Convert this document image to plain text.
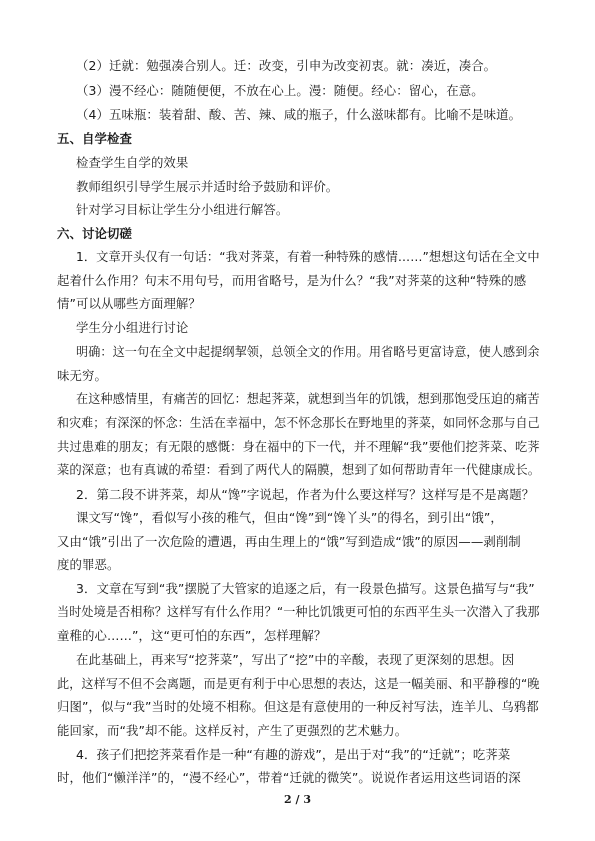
（2）迁就：勉强凑合别人。迁：改变，引申为改变初衷。就：凑近，凑合。
（3）漫不经心：随随便便，不放在心上。漫：随便。经心：留心，在意。
（4）五味瓶：装着甜、酸、苦、辣、咸的瓶子，什么滋味都有。比喻不是味道。
五、自学检查
检查学生自学的效果
教师组织引导学生展示并适时给予鼓励和评价。
针对学习目标让学生分小组进行解答。
六、讨论切磋
1．文章开头仅有一句话：“我对荠菜，有着一种特殊的感情……”想想这句话在全文中
起着什么作用？句末不用句号，而用省略号，是为什么？“我”对荠菜的这种“特殊的感
情”可以从哪些方面理解？
学生分小组进行讨论
明确：这一句在全文中起提纲挈领，总领全文的作用。用省略号更富诗意，使人感到余
味无穷。
在这种感情里，有痛苦的回忆：想起荠菜，就想到当年的饥饿，想到那饱受压迫的痛苦
和灾难；有深深的怀念：生活在幸福中，怎不怀念那长在野地里的荠菜，如同怀念那与自己
共过患难的朋友；有无限的感慨：身在福中的下一代，并不理解“我”要他们挖荠菜、吃荠
菜的深意；也有真诚的希望：看到了两代人的隔膜，想到了如何帮助青年一代健康成长。
2．第二段不讲荠菜，却从“馋”字说起，作者为什么要这样写？这样写是不是离题？
课文写“馋”，看似写小孩的稚气，但由“馋”到“馋丫头”的得名，到引出“饿”，
又由“饿”引出了一次危险的遭遇，再由生理上的“饿”写到造成“饿”的原因——剥削制
度的罪恶。
3．文章在写到“我”摆脱了大管家的追逐之后，有一段景色描写。这景色描写与“我”
当时处境是否相称？这样写有什么作用？“一种比饥饿更可怕的东西平生头一次潜入了我那
童稚的心……”，这“更可怕的东西”，怎样理解？
在此基础上，再来写“挖荠菜”，写出了“挖”中的辛酸，表现了更深刻的思想。因
此，这样写不但不会离题，而是更有利于中心思想的表达，这是一幅美丽、和平静穆的“晚
归图”，似与“我”当时的处境不相称。但这是有意使用的一种反衬写法，连羊儿、乌鸦都
能回家，而“我”却不能。这样反衬，产生了更强烈的艺术魅力。
4．孩子们把挖荠菜看作是一种“有趣的游戏”，是出于对“我”的“迁就”；吃荠菜
时，他们“懒洋洋”的，“漫不经心”，带着“迁就的微笑”。说说作者运用这些词语的深
2 / 3
